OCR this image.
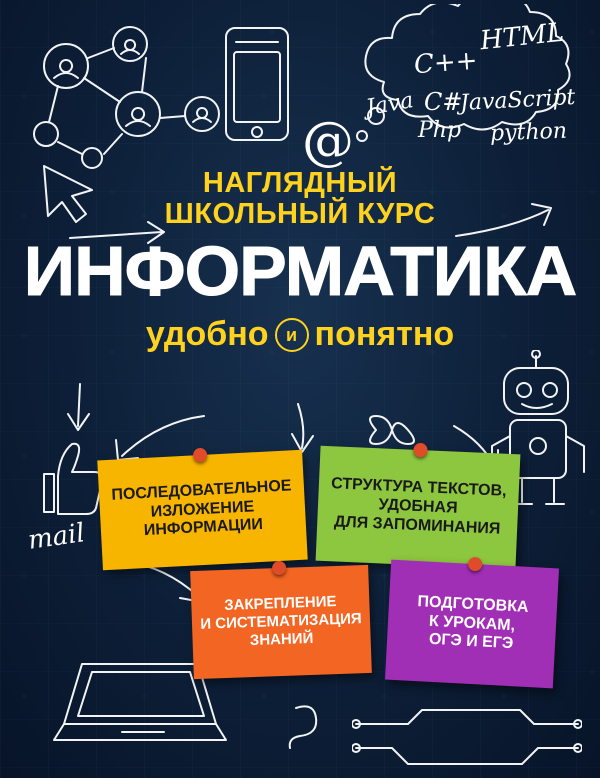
@
HTML
C++
C#
Java JavaScript
Php python
НАГЛЯДНЫЙ
ШКОЛЬНЫЙ КУРС
ИНФОРМАТИКА
удобно и понятно
mail
ПОСЛЕДОВАТЕЛЬНОЕ
ИЗЛОЖЕНИЕ
ИНФОРМАЦИИ
СТРУКТУРА ТЕКСТОВ,
УДОБНАЯ
ДЛЯ ЗАПОМИНАНИЯ
ЗАКРЕПЛЕНИЕ
И СИСТЕМАТИЗАЦИЯ
ЗНАНИЙ
ПОДГОТОВКА
К УРОКАМ,
ОГЭ И ЕГЭ
